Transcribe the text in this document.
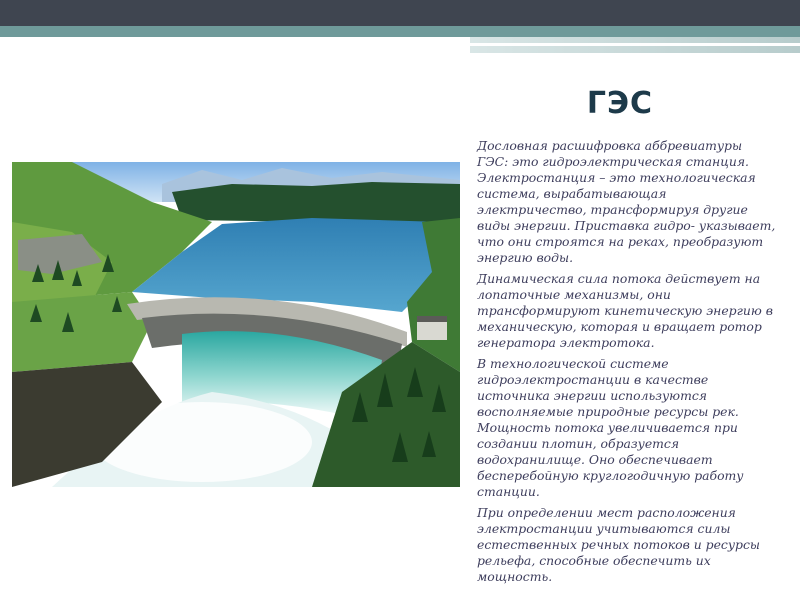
ГЭС

Дословная расшифровка аббревиатуры ГЭС: это гидроэлектрическая станция. Электростанция – это технологическая система, вырабатывающая электричество, трансформируя другие виды энергии. Приставка гидро- указывает, что они строятся на реках, преобразуют энергию воды.

Динамическая сила потока действует на лопаточные механизмы, они трансформируют кинетическую энергию в механическую, которая и вращает ротор генератора электротока.

В технологической системе гидроэлектростанции в качестве источника энергии используются восполняемые природные ресурсы рек. Мощность потока увеличивается при создании плотин, образуется водохранилище. Оно обеспечивает бесперебойную круглогодичную работу станции.

При определении мест расположения электростанции учитываются силы естественных речных потоков и ресурсы рельефа, способные обеспечить их мощность.
